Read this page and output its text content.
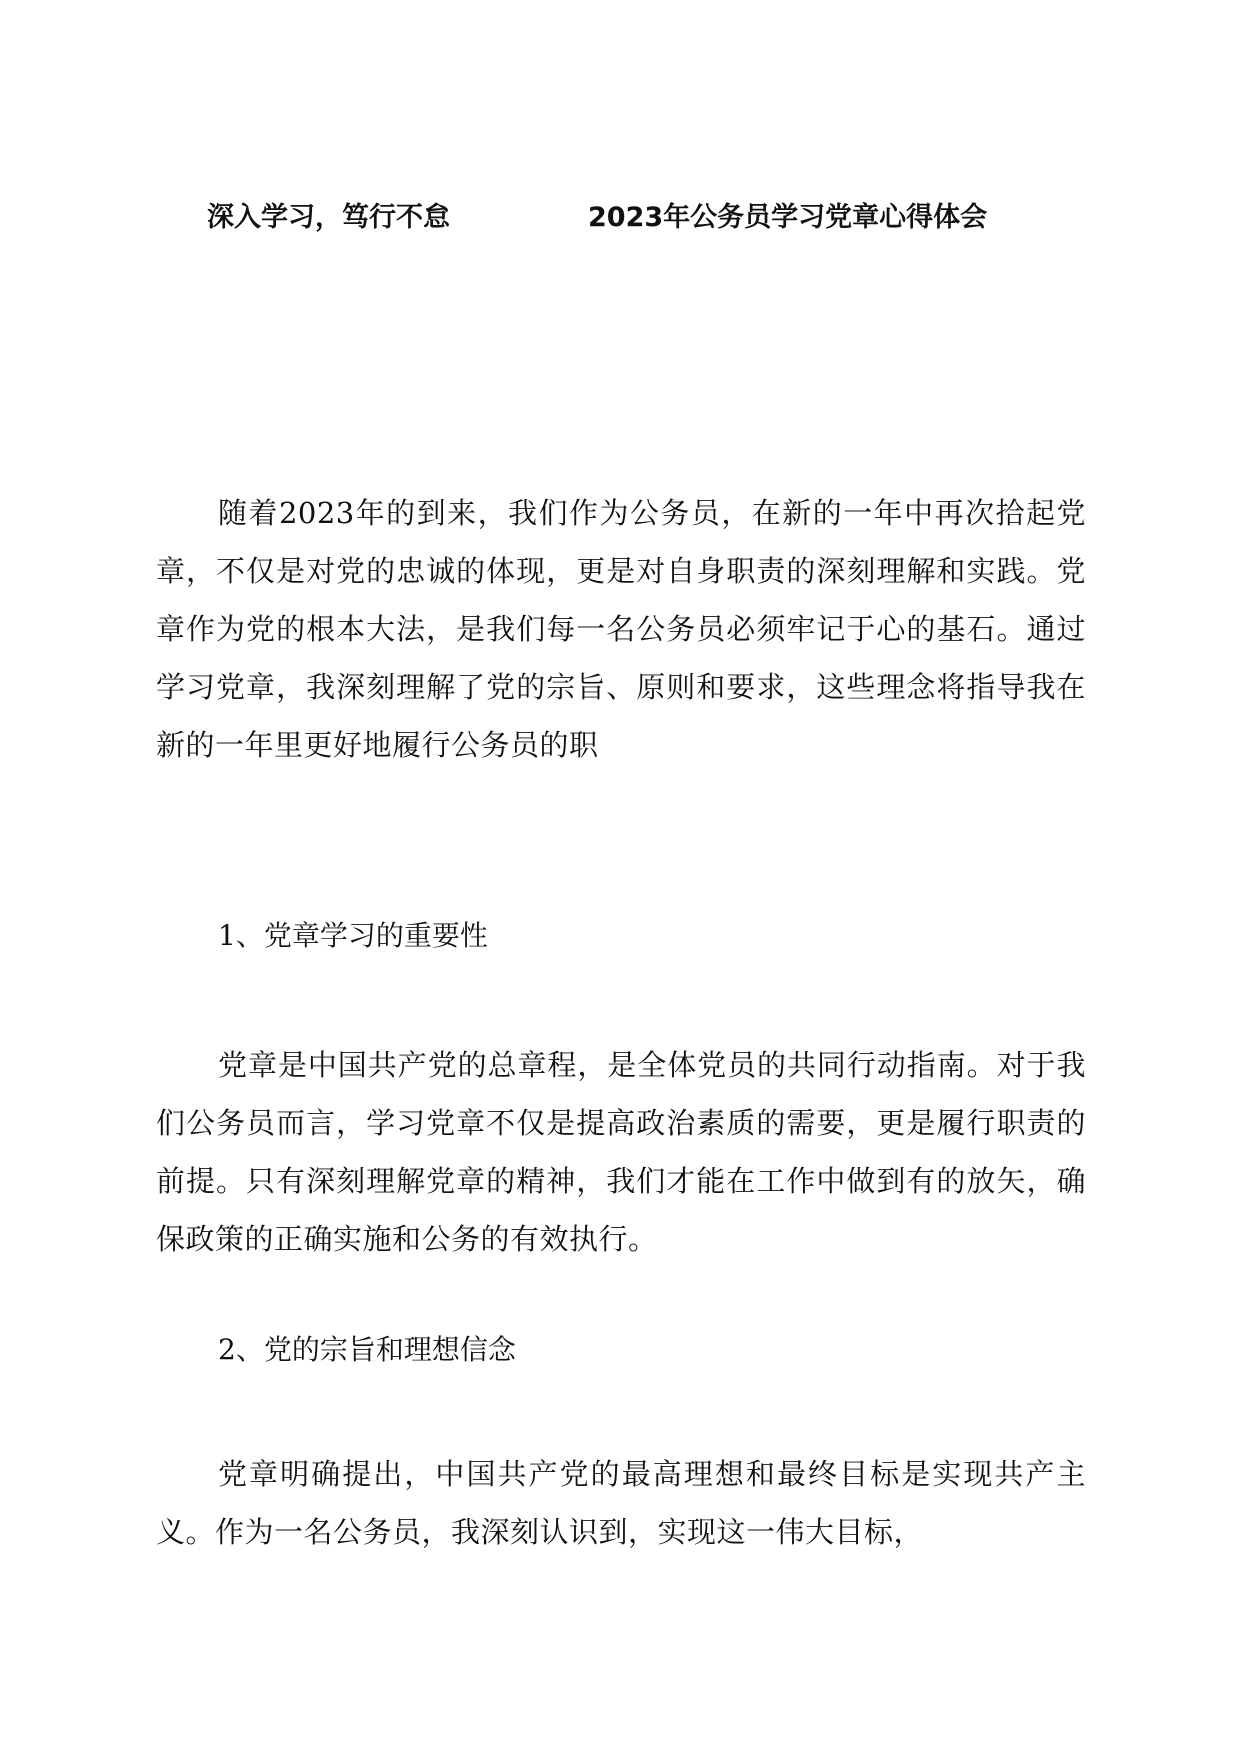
深入学习，笃行不怠	2023年公务员学习党章心得体会

随着2023年的到来，我们作为公务员，在新的一年中再次拾起党章，不仅是对党的忠诚的体现，更是对自身职责的深刻理解和实践。党章作为党的根本大法，是我们每一名公务员必须牢记于心的基石。通过学习党章，我深刻理解了党的宗旨、原则和要求，这些理念将指导我在新的一年里更好地履行公务员的职

1、党章学习的重要性

党章是中国共产党的总章程，是全体党员的共同行动指南。对于我们公务员而言，学习党章不仅是提高政治素质的需要，更是履行职责的前提。只有深刻理解党章的精神，我们才能在工作中做到有的放矢，确保政策的正确实施和公务的有效执行。

2、党的宗旨和理想信念

党章明确提出，中国共产党的最高理想和最终目标是实现共产主义。作为一名公务员，我深刻认识到，实现这一伟大目标，
